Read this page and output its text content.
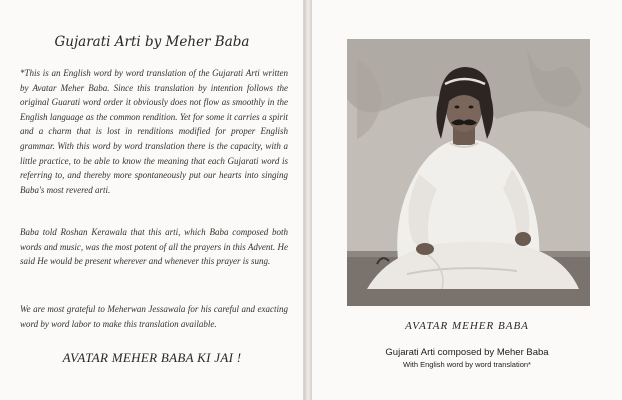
Gujarati Arti by Meher Baba

*This is an English word by word translation of the Gujarati Arti written by Avatar Meher Baba. Since this translation by intention follows the original Guarati word order it obviously does not flow as smoothly in the English language as the common rendition. Yet for some it carries a spirit and a charm that is lost in renditions modified for proper English grammar. With this word by word translation there is the capacity, with a little practice, to be able to know the meaning that each Gujarati word is referring to, and thereby more spontaneously put our hearts into singing Baba's most revered arti.

Baba told Roshan Kerawala that this arti, which Baba composed both words and music, was the most potent of all the prayers in this Advent. He said He would be present wherever and whenever this prayer is sung.

We are most grateful to Meherwan Jessawala for his careful and exacting word by word labor to make this translation available.

AVATAR MEHER BABA KI JAI !
AVATAR MEHER BABA
Gujarati Arti composed by Meher Baba
With English word by word translation*
